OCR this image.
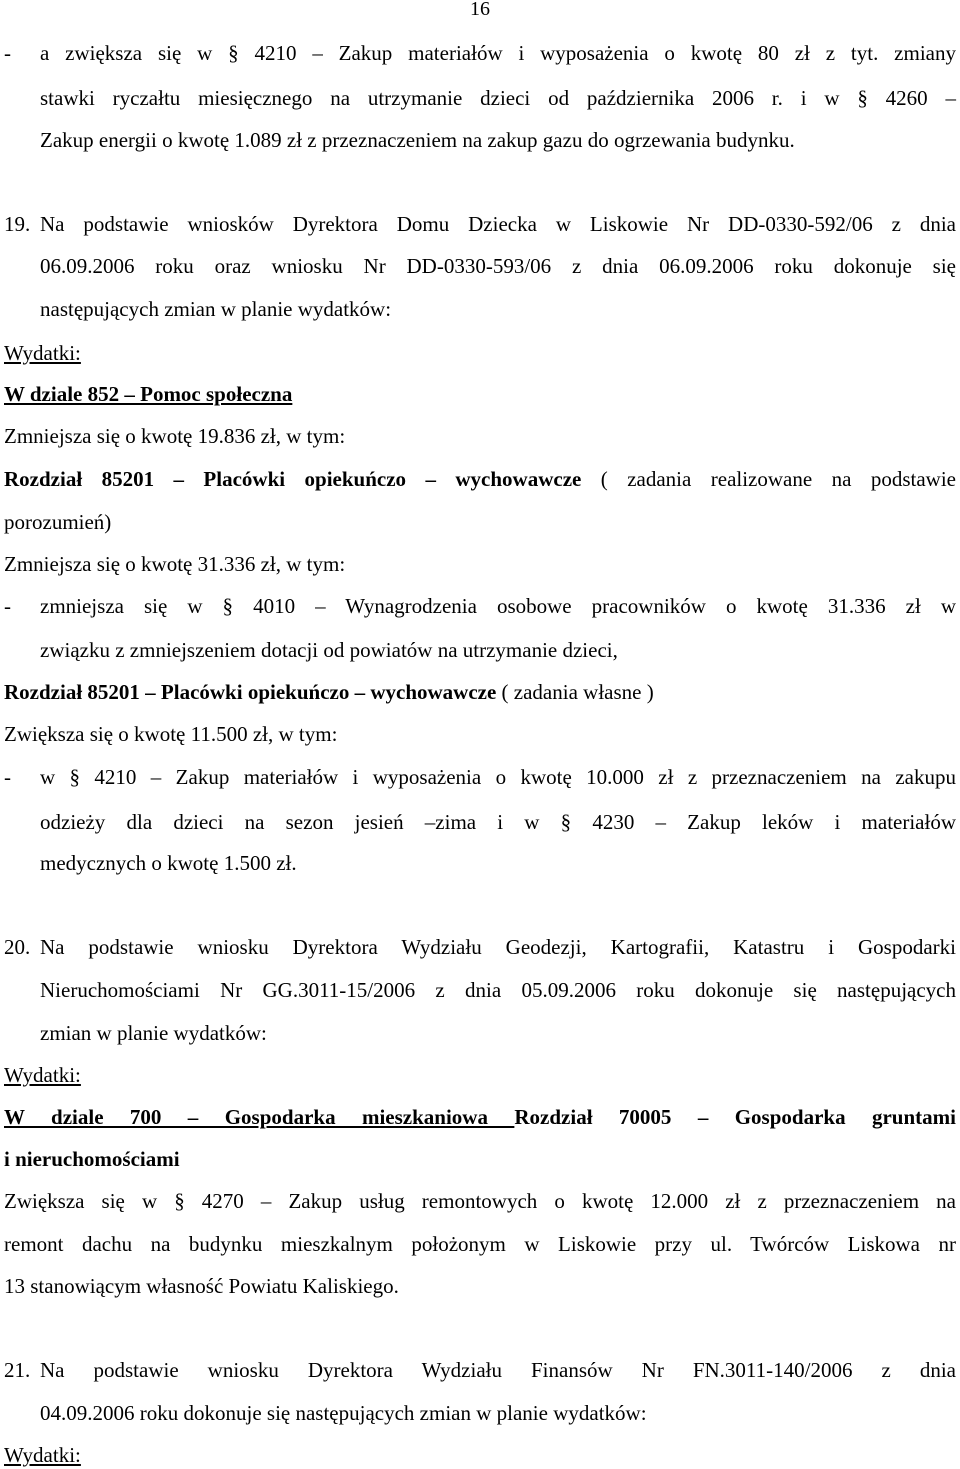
16
- a zwiększa się w § 4210 – Zakup materiałów i wyposażenia o kwotę 80 zł z tyt. zmiany
stawki ryczałtu miesięcznego na utrzymanie dzieci od października 2006 r. i w § 4260 –
Zakup energii o kwotę 1.089 zł z przeznaczeniem na zakup gazu do ogrzewania budynku.
19. Na podstawie wniosków Dyrektora Domu Dziecka w Liskowie Nr DD-0330-592/06 z dnia
06.09.2006 roku oraz wniosku Nr DD-0330-593/06 z dnia 06.09.2006 roku dokonuje się
następujących zmian w planie wydatków:
Wydatki:
W dziale 852 – Pomoc społeczna
Zmniejsza się o kwotę 19.836 zł, w tym:
Rozdział 85201 – Placówki opiekuńczo – wychowawcze ( zadania realizowane na podstawie
porozumień)
Zmniejsza się o kwotę 31.336 zł, w tym:
- zmniejsza się w § 4010 – Wynagrodzenia osobowe pracowników o kwotę 31.336 zł w
związku z zmniejszeniem dotacji od powiatów na utrzymanie dzieci,
Rozdział 85201 – Placówki opiekuńczo – wychowawcze ( zadania własne )
Zwiększa się o kwotę 11.500 zł, w tym:
- w § 4210 – Zakup materiałów i wyposażenia o kwotę 10.000 zł z przeznaczeniem na zakupu
odzieży dla dzieci na sezon jesień –zima i w § 4230 – Zakup leków i materiałów
medycznych o kwotę 1.500 zł.
20. Na podstawie wniosku Dyrektora Wydziału Geodezji, Kartografii, Katastru i Gospodarki
Nieruchomościami Nr GG.3011-15/2006 z dnia 05.09.2006 roku dokonuje się następujących
zmian w planie wydatków:
Wydatki:
W dziale 700 – Gospodarka mieszkaniowa Rozdział 70005 – Gospodarka gruntami
i nieruchomościami
Zwiększa się w § 4270 – Zakup usług remontowych o kwotę 12.000 zł z przeznaczeniem na
remont dachu na budynku mieszkalnym położonym w Liskowie przy ul. Twórców Liskowa nr
13 stanowiącym własność Powiatu Kaliskiego.
21. Na podstawie wniosku Dyrektora Wydziału Finansów Nr FN.3011-140/2006 z dnia
04.09.2006 roku dokonuje się następujących zmian w planie wydatków:
Wydatki:
